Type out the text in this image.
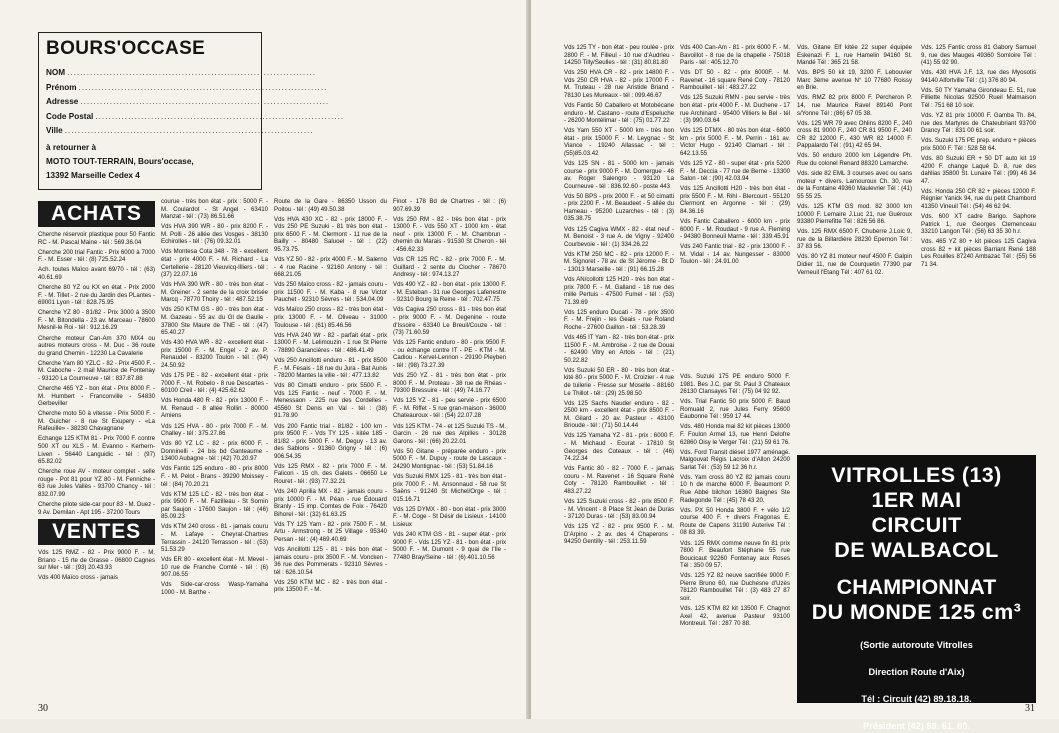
BOURS'OCCASE
NOM ............................................................................
Prénom ............................................................................
Adresse ............................................................................
Code Postal ............................................................................
Ville ............................................................................
à retourner à
MOTO TOUT-TERRAIN, Bours'occase,
13392 Marseille Cedex 4
ACHATS
Cherche réservoir plastique pour 50 Fantic RC - M. Pascal Maine - tél : 569.36.04
Cherche 200 trial Fantic - Prix 6000 à 7000 F. - M. Esser - tél : (8) 725.52.24
Ach. toutes Maïco avant 69/70 - tél : (63) 40.61.69
Cherche 80 YZ ou KX en état - Prix 2000 F. - M. Tillet - 2 rue du Jardin des PLantes - 69001 Lyon - tél : 828.75.95
Cherche YZ 80 - 81/82 - Prix 3000 à 3500 F. - M. Bitondella - 23 av. Marceau - 78600 Mesnil-le Roi - tél : 912.16.29
Cherche moteur Can-Am 370 MX4 ou autres moteurs cross - M. Duc - 36 route du grand Chemin - 12230 La Cavalerie
Cherche Yam 80 YZLC - 82 - Prix 4500 F. - M. Caboche - 2 mail Maurice de Fontenay - 93120 La Courneuve - tél : 837.87.88
Cherche 465 YZ - bon état - Prix 8000 F. - M. Humbert - Franconville - 54830 Gerbeviller
Cherche moto 50 à vitesse - Prix 5000 F. - M. Guicher - 8 rue St Exupery - «La Rafeuille» - 38230 Chavagnane
Echange 125 KTM 81 - Prix 7000 F. contre 500 XT ou XLS - M. Evanno - Kerhern-Liven - 56440 Languidic - tél : (97) 65.82.02
Cherche roue AV - moteur complet - selle rouge - Pot 81 pour YZ 80 - M. Fenniche - 63 rue Jules Vallès - 93700 Chancy - tél : 832.07.99
Cherche pilote side-car pour 83 - M. Duez - 9 Av. Demilan - Apt 195 - 37200 Tours
VENTES
Vds 125 RMZ - 82 - Prix 9000 F. - M. Briano - 15 rte de Grasse - 06800 Cagnes sur Mer - tél : (93) 20.43.93
Vds 400 Maïco cross - jamais
courue - très bon état - prix : 5000 F. - M. Coulardot - St Angel - 63410 Manzat - tél : (73) 86.51.66
Vds HVA 390 WR - 80 - prix 8200 F. - M. Polli - 26 allée des Vosges - 38130 Echirolles - tél : (76) 09.32.01
Vds Montesa Cota 348 - 78 - excellent état - prix 4000 F. - M. Richard - La Certellerie - 28120 Vieuvicq-Illiers - tél : (37) 22.07.16
Vds HVA 390 WR - 80 - très bon état - M. Greiner - 2 sente de la croix brisée Marcq - 78770 Thoiry - tél : 487.52.15
Vds 250 KTM GS - 80 - très bon état - M. Gazeau - 55 av. du Gl de Gaulle - 37800 Ste Maure de TNE - tél : (47) 65.40.27
Vds 430 HVA WR - 82 - excellent état - prix 15000 F. - M. Engel - 2 av. P. Renaudel - 83200 Toulon - tél : (94) 24.50.92
Vds 175 PE - 82 - excellent état - prix 7000 F. - M. Robelo - 8 rue Descartes - 60100 Creil - tél : (4) 425.62.62
Vds Honda 480 R - 82 - prix 13000 F. - M. Renaud - 8 allée Rollin - 80000 Amiens
Vds 125 HVA - 80 - prix 7000 F. - M. Challey - tél : 375.27.86
Vds 80 YZ LC - 82 - prix 6000 F. - Donninelli - 24 bis bd Ganteaume - 13400 Aubagne - tél : (42) 70.20.97
Vds Fantic 125 enduro - 80 - prix 8000 F. - M. Pelot - Brans - 39290 Moissey - tél : (84) 70.20.21
Vds KTM 125 LC - 82 - très bon état - prix 9500 F. - M. Fazilleau - St Sornin par Saujon - 17600 Saujon - tél : (46) 85.09.23
Vds KTM 240 cross - 81 - jamais couru - M. Lafaye - Cheyrat-Chartres Terrassin - 24120 Terrasson - tél : (53) 51.53.29
Vds ER 80 - excellent état - M. Mevel - 10 rue de Franche Comté - tél : (6) 907.06.55
Vds Side-car-cross Wasp-Yamaha 1000 - M. Barthe -
Route de la Gare - 86350 Usson du Poitou - tél : (49) 49.50.38
Vds HVA 430 XC - 82 - prix 18000 F. - Vds 250 PE Suzuki - 81 très bon état - prix 6500 F. - M. Clermont - 11 rue de la Bailly - 80480 Saluoel - tél : (22) 95.73.75.
Vds YZ 50 - 82 - prix 4000 F. - M. Salerno - 4 rue Racine - 92160 Antony - tél : 668.21.05
Vds 250 Maïco cross - 82 - jamais couru - prix 11500 F. - M. Kaba - 8 rue Victor Pauchet - 92310 Sèvres - tél : 534.04.09
Vds Maïco 250 cross - 82 - très bon état - prix 13000 F. - M. Oliveau - 31000 Toulouse - tél : (61) 85.46.56
Vds HVA 240 Wr - 82 - parfait état - prix 13000 F. - M. Lelimouzin - 1 rue St Pierre - 78890 Garancières - tél : 486.41.49
Vds 250 Ancillotti enduro - 81 - prix 8500 F. - M. Fesais - 18 rue du Jura - Bat Aunis - 78200 Mantes la ville - tél : 477.13.82
Vds 80 Cimatti enduro - prix 5500 F. - Vds 125 Fantic - neuf - 7000 F. - M. Menessaon - 225 rue des Cordelles - 45560 St Denis en Val - tél : (38) 91.78.90
Vds 200 Fantic trial - 81/82 - 100 km - prix 9500 F. - Vds TY 125 - kitée 185 - 81/82 - prix 5000 F. - M. Deguy - 13 av. des Sablons - 91360 Grigny - tél : (6) 906.54.35
Vds 125 RMX - 82 - prix 7000 F. - M. Falicon - 15 ch. des Galets - 06650 Le Rouret - tél : (93) 77.32.21
Vds 240 Aprilia MX - 82 - jamais couru - prix 10000 F. - M. Péan - rue Édouard Branly - 15 imp. Comtes de Foix - 76420 Bihorel - tél : (32) 61.63.25
Vds TY 125 Yam - 82 - prix 7500 F. - M. Artu - Armstrong - bt 25 Village - 95340 Persan - tél : (4) 469.40.69
Vds Ancillotti 125 - 81 - très bon état - jamais couru - prix 3500 F. - M. Voncken - 36 rue des Pommerats - 92310 Sèvres - tél : 626.10.54
Vds 250 KTM MC - 82 - très bon état - prix 13500 F. - M.
Finot - 178 Bd de Chartres - tél : (6) 907.69.39
Vds 250 RM - 82 - très bon état - prix 13000 F. - Vds 550 XT - 1000 km - état neuf - prix 13000 F. - M. Chambrun - chemin du Marais - 91530 St Cheron - tél : 456.62.33
Vds CR 125 RC - 82 - prix 7000 F. - M. Guillard - 2 sente du Clocher - 78670 Andresy - tél : 974.13.27
Vds 490 YZ - 82 - bon état - prix 13000 F. - M. Esteban - 31 rue Georges Lafenestre - 92310 Bourg la Reine - tél : 702.47.75
Vds Cagiva 250 cross - 81 - très bon état - prix 9000 F. - M. Degenine - route d'Issoire - 63340 Le Breuil/Couze - tél : (73) 71.60.59
Vds 125 Fantic enduro - 80 - prix 9500 F. - ou échange contre IT - PE - KTM - M. Cadiou - Kervel-Lennon - 29190 Pleyben - tél : (98) 73.27.39
Vds 250 YZ - 81 - très bon état - prix 8000 F. - M. Proteau - 38 rue de Rhéas - 79300 Bressuire - tél : (49) 74.16.77
Vds 125 YZ - 81 - peu servie - prix 6500 F. - M. Riffet - 5 rue gran-maison - 36000 Chateauroux - tél : (54) 22.07.28
Vds 125 KTM - 74 - et 125 Suzuki TS - M. Garcin - 26 rue des Alpilles - 30128 Garons - tél : (66) 20.22.01
Vds 50 Gitane - préparée enduro - prix 5000 F. - M. Dupuy - route de Lascaux - 24290 Montignac - tél : (53) 51.84.16
Vds Suzuki RMX 125 - 81 - très bon état - prix 7000 F. - M. Ansonnaud - 58 rue St Saëns - 91240 St Michel/Orge - tél : 015.16.71
Vds 125 DYMX - 80 - bon état - prix 3000 F. - M. Coge - St Désir de Lisieux - 14100 Lisieux
Vds 240 KTM GS - 81 - super état - prix 9000 F. - Vds 125 YZ - 81 - bon état - prix 5000 F. - M. Dumont - 9 quai de l'Ile - 77480 Bray/Seine - tél : (6) 401.10.56
30	31
Vds 125 TY - bon état - peu roulée - prix 2800 F. - M. Filleul - 10 rue d'Audrieu - 14250 Tilly/Seulles - tél : (31) 80.81.80
Vds 250 HVA CR - 82 - prix 14800 F. - Vds 250 CR HVA - 82 - prix 17000 F. - M. Truteau - 28 rue Aristide Briand - 78130 Les Mureaux - tél : 099.46.67
Vds Fantic 50 Caballero et Motobécane enduro - M. Castano - route d'Espeluche - 26200 Montélimar - tél : (75) 01.77.22
Vds Yam 550 XT - 5000 km - très bon état - prix 15000 F. - M. Leygnac - St Viance - 19240 Allassac - tél : (55)85.03.42
Vds 125 SN - 81 - 5000 km - jamais course - prix 9000 F. - M. Domergue - 46 av. Roger Salengro - 93120 La Courneuve - tél : 836.92.60 - poste 443
Vds 50 BPS - prix 2000 F. - et 50 cimatti - prix 2200 F. - M. Beaudeet - 5 allée du Hameau - 95200 Luzarches - tél : (3) 035.38.75
Vds 125 Cagiva WMX - 82 - état neuf - M. Benoist - 3 rue A. de Vigny - 92400 Courbevoie - tél : (1) 334.26.22
Vds KTM 250 MC - 82 - prix 12000 F. - M. Signoret - 78 av. de St Jérome - Bt D - 13013 Marseille - tél : (91) 66.15.28
Vds AN/collotti 125 H20 - très bon état - prix 7800 F. - M. Galland - 18 rue des mille Pertuis - 47500 Fumel - tél : (53) 71.39.69
Vds 125 enduro Ducati - 78 - prix 3500 F. - M. Frejin - les Geais - rue Roland Roche - 27600 Gaillon - tél : 53.28.39
Vds 465 IT Yam - 82 - très bon état - prix 11500 F. - M. Ambroise - 2 rue de Douai - 62490 Vitry en Artois - tél : (21) 50.22.82
Vds Suzuki 50 ER - 80 - très bon état - kité 80 - prix 5000 F. - M. Croizier - 4 rue de tuilerie - Fresse sur Moselle - 88160 Le Thillot - tél : (29) 25.98.50
Vds 125 Sachs Nauder enduro - 82 - 2500 km - excellent état - prix 8500 F. - M. Gilard - 20 av. Pasteur - 43100 Brioude - tél : (71) 50.14.44
Vds 125 Yamaha YZ - 81 - prix : 6000 F. - M. Michaud - Ecurat - 17810 St Georges des Coteaux - tél : (46) 74.22.34
Vds Fantic 80 - 82 - 7000 F. - jamais couru - M. Ravenet - 16 Square René Coty - 78120 Rambouillet - tél : 483.27.22
Vds 125 Suzuki cross - 82 - prix 8500 F. - M. Vincent - 8 Place St Jean de Duras - 37120 Duras - tél : (53) 83.00.94
Vds 125 YZ - 82 - prix 9500 F. - M. D'Arpino - 2 av. des 4 Chaperons - 94250 Gentilly - tél : 253.11.59
Vds 400 Can-Am - 81 - prix 6000 F. - M. Bavoillot - 8 rue de la chapelle - 75018 Paris - tél : 405.12.70
Vds DT 50 - 82 - prix 6000F. - M. Ravenet - 16 square René Coty - 78120 Rambouillet - tél : 483.27.22
Vds 125 Suzuki RMN - peu servie - très bon état - prix 4000 F. - M. Duchene - 17 rue Archinard - 95400 Villiers le Bel - tél : (3) 990.03.64
Vds 125 DTMX - 80 très bon état - 6800 km - prix 5000 F. - M. Perrin - 161 av. Victor Hugo - 92140 Clamart - tél : 642.13.55
Vds 125 YZ - 80 - super état - prix 5200 F. - M. Deccia - 77 rue de Berne - 13300 Salon - tél : (90) 42.03.94
Vds 125 Ancillotti H20 - très bon état - prix 5500 F. - M. Rihl - Blercourt - 55120 Clermont en Argonne - tél : (29) 84.36.16
Vds Fantic Caballero - 6000 km - prix 6000 F. - M. Roudaut - 9 rue A. Fleming - 94380 Bonneuil Marne - tél : 339.45.91
Vds 240 Fantic trial - 82 - prix 13000 F. - M. Vidal - 14 av. Nungesser - 83000 Toulon - tél : 24.91.00
Vds. Suzuki 175 PE enduro 5000 F. 1981. Bes J.C. par St. Paul 3 Chateaux 26130 Clansayes Tél : (75) 04 92 92.
Vds. Trial Fantic 50 prix 5000 F. Baud Romuald 2, rue Jules Ferry 95600 Eaubonne Tél : 959 17 44.
Vds. 480 Honda mai 82 kit pièces 13000 F. Foulon Armel 13, rue Henri Delofre 62860 Oisy le Verger Tél : (21) 59 61 76.
Vds. Ford Transit diésel 1977 aménagé. Malgouvat Régis Lacroix d'Allon 24200 Sarlat Tél : (53) 59 12 36 h.r.
Vds. Yam cross 80 YZ 82 jamais couru 10 h de marche 6000 F. Beaumont P. Rue Abbé bilchon 16360 Baignes Ste Radegonde Tél : (45) 78 43 20.
Vds. PX 50 Honda 3800 F. + vélo 1/2 course 400 F. + divers Fragonas E. Route de Capens 31190 Auterive Tél : 08 83 39.
Vds. 125 RMX comme neuve fin 81 prix 7800 F. Beaufort Stéphane 55 rue Boucicaut 92260 Fontenay aux Roses Tél : 350 09 57.
Vds. 125 YZ 82 neuve sacrifiée 9000 F. Pierre Bruno 60, rue Duchesne d'Uzès 78120 Rambouillet Tél : (3) 483 27 87 soir.
Vds. 125 KTM 82 kit 13500 F. Chagnot Axel 42, avenue Pasteur 93100 Montreuil. Tél : 287 70 88.
Vds. Gitane Elf kitée 22 super équipée Eskenazi F. 1, rue Hamelin 94160 St. Mandé Tél : 365 21 58.
Vds. BPS 50 kit 19, 3200 F. Lebouvier Marc 3ème avenue N° 10 77680 Roissy en Brie.
Vds. RMZ 82 prix 8000 F. Percheron P. 14, rue Maurice Ravel 89140 Pont s/Yonne Tél : (86) 67 05 38.
Vds. 125 WR 79 avec Ohlins 8200 F., 240 cross 81 9000 F., 240 CR 81 9500 F., 240 CR 82 12000 F., 430 WR 82 14000 F. Pappalardo Tél : (91) 42 65 94.
Vds. 50 enduro 2000 km Légendre Ph. Rue du colonel Renard 88320 Lamarche.
Vds. side 82 EML 3 courses avec ou sans moteur + divers. Lamouroux Ch. 30, rue de la Fontaine 49360 Maulevrier Tél : (41) 55 55 25.
Vds. 125 KTM GS mod. 82 3000 km 10000 F. Lemaire J.Luc 21, rue Guéroux 93380 Pierrefitte Tél : 826 56 86.
Vds. 125 RMX 6500 F. Chuberre J.Loic 9, rue de la Billardière 28230 Epernon Tél : 37 83 56.
Vds. 80 YZ 81 moteur neuf 4500 F. Galpin Didier 11, rue de Courquetin 77390 par Verneuil l'Etang Tél : 407 61 02.
Vds. 125 Fantic cross 81 Gabory Samuel 9, rue des Mauges 49360 Somloire Tél : (41) 55 92 90.
Vds. 430 HVA J.F. 13, rue des Myosotis 94140 Alfortville Tél : (1) 376 80 94.
Vds. 50 TY Yamaha Girondeau E. 51, rue Filliette Nicolas 92500 Rueil Malmaison Tél : 751 68 10 soir.
Vds. YZ 81 prix 10000 F. Gamba Th. 84, rue des Martyres de Chateubriant 93700 Drancy Tél : 831 00 61 soir.
Vds. Suzuki 175 PE prep. enduro + pièces prix 5000 F. Tél : 528 58 64.
Vds. 80 Suzuki ER + 50 DT auto kit 19 4200 F. change Laqué D. 8, rue des dahlias 35800 St. Lunaire Tél : (99) 46 34 47.
Vds. Honda 250 CR 82 + pièces 12000 F. Régnier Yanick 94, rue du petit Chambord 41350 Vineuil Tél : (54) 46 62 94.
Vds. 600 XT cadre Barigo. Saphore Patrick 1, rue Georges Clemenceau 33210 Langon Tél : (56) 63 35 30 h.r.
Vds. 465 YZ 80 + kit pièces 125 Cagiva cross 82 + kit pièces Barriant René 188 Les Rouilles 87240 Ambazac Tél : (55) 56 71 34.
VITROLLES (13)
1ER MAI
CIRCUIT
DE WALBACOL
CHAMPIONNAT
DU MONDE 125 cm³
(Sortie autoroute Vitrolles
Direction Route d'Aix)
Tél : Circuit (42) 89.18.18.
Président (42) 89. 61. 60.
